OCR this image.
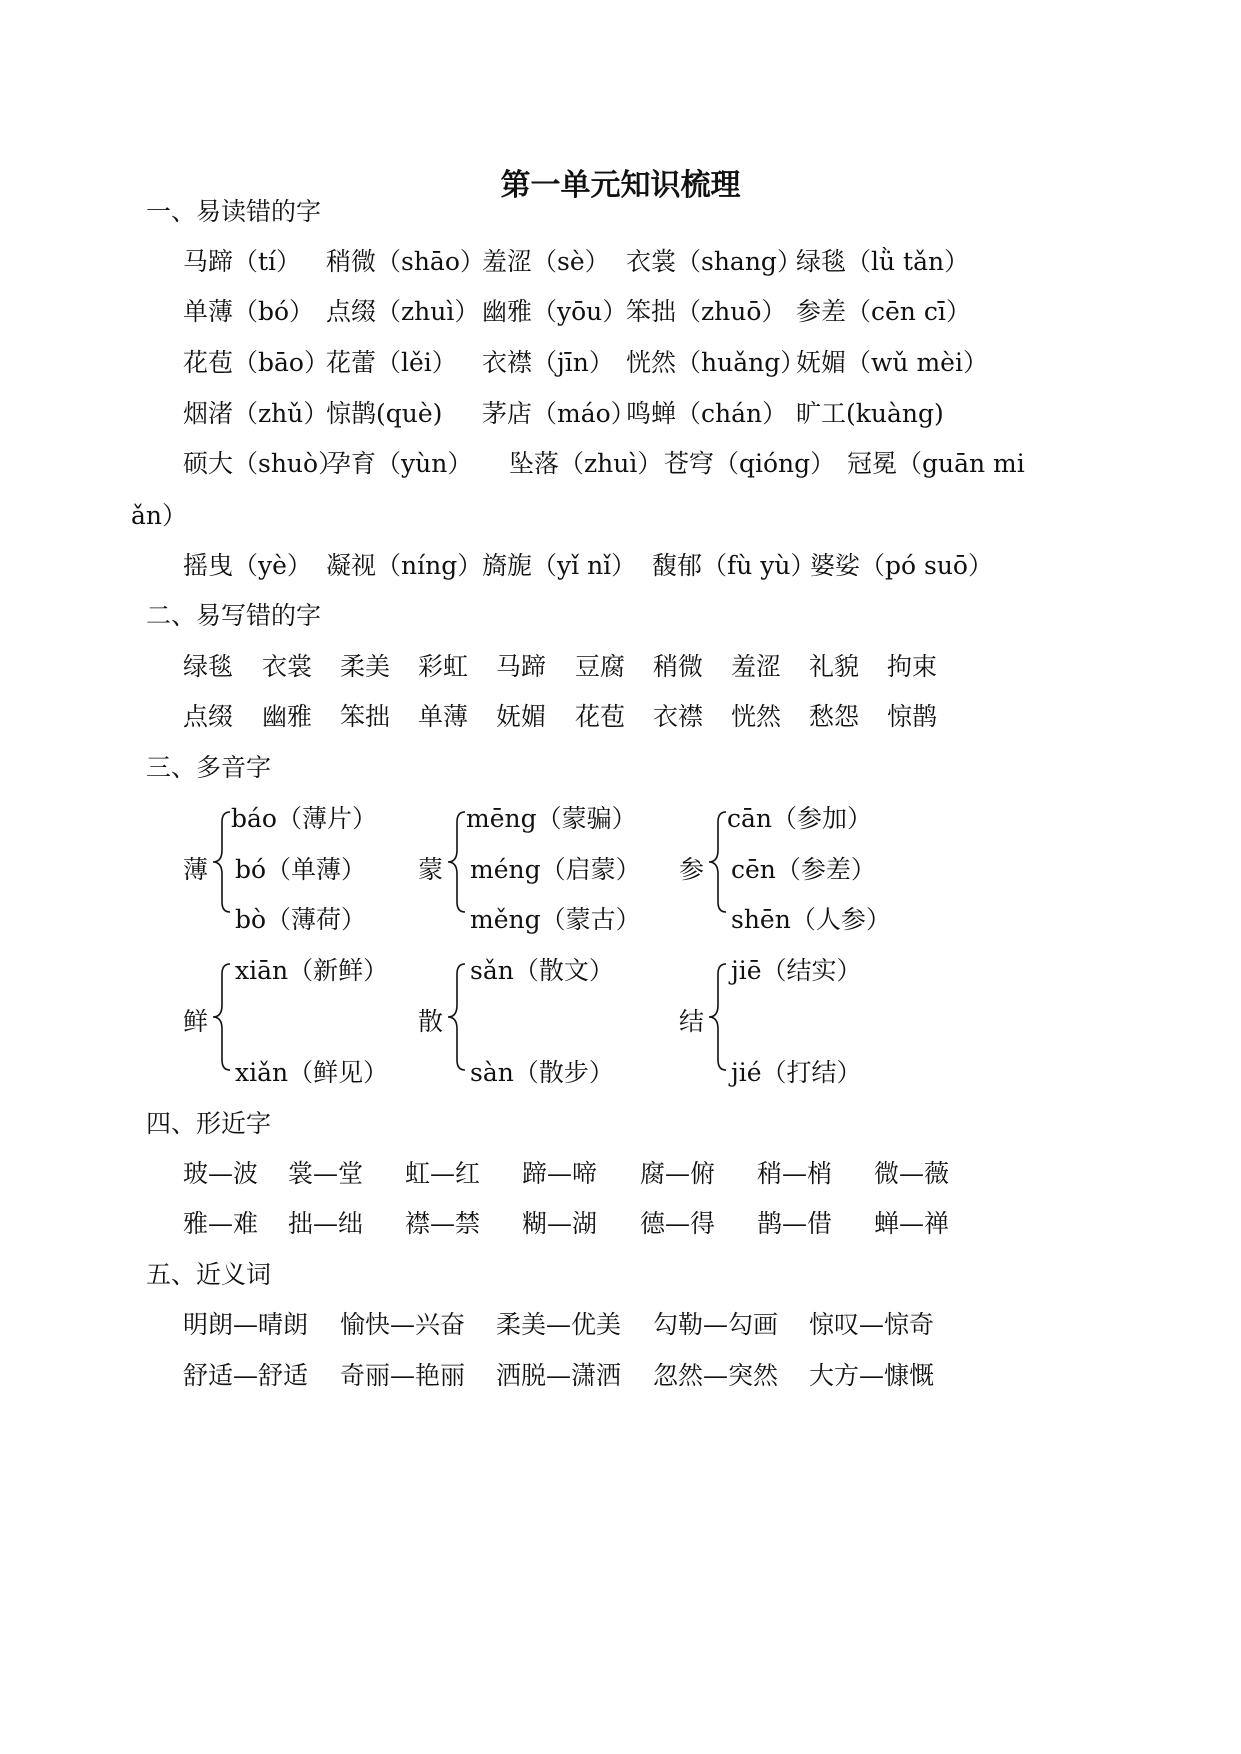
第一单元知识梳理
一、易读错的字
马蹄（tí） 稍微（shāo）
羞涩（sè） 衣裳（shang）
绿毯（lǜ tǎn）
单薄（bó） 点缀（zhuì） 幽雅（yōu）
笨拙（zhuō） 参差（cēn cī）
花苞（bāo）
花蕾（lěi） 衣襟（jīn） 恍然（huǎng）
妩媚（wǔ mèi）
烟渚（zhǔ）
惊鹊(què) 茅店（máo）
鸣蝉（chán） 旷工(kuàng)
硕大（shuò）
孕育（yùn） 坠落（zhuì） 苍穹（qióng） 冠冕（guān mi
ǎn）
摇曳（yè） 凝视（níng） 旖旎（yǐ nǐ） 馥郁（fù yù）
婆娑（pó suō）
二、易写错的字
绿毯 衣裳 柔美 彩虹 马蹄 豆腐 稍微 羞涩 礼貌 拘束
点缀 幽雅 笨拙 单薄 妩媚 花苞 衣襟 恍然 愁怨 惊鹊
三、多音字
薄
báo（薄片）
bó（单薄）
bò（薄荷）
蒙
mēng（蒙骗）
méng（启蒙）
měng（蒙古）
参
cān（参加）
cēn（参差）
shēn（人参）
鲜
xiān（新鲜）
xiǎn（鲜见）
散
sǎn（散文）
sàn（散步）
结
jiē（结实）
jié（打结）
四、形近字
玻—波 裳—堂 虹—红 蹄—啼 腐—俯 稍—梢 微—薇
雅—难 拙—绌 襟—禁 糊—湖 德—得 鹊—借 蝉—禅
五、近义词
明朗—晴朗 愉快—兴奋 柔美—优美 勾勒—勾画 惊叹—惊奇
舒适—舒适 奇丽—艳丽 洒脱—潇洒 忽然—突然 大方—慷慨
